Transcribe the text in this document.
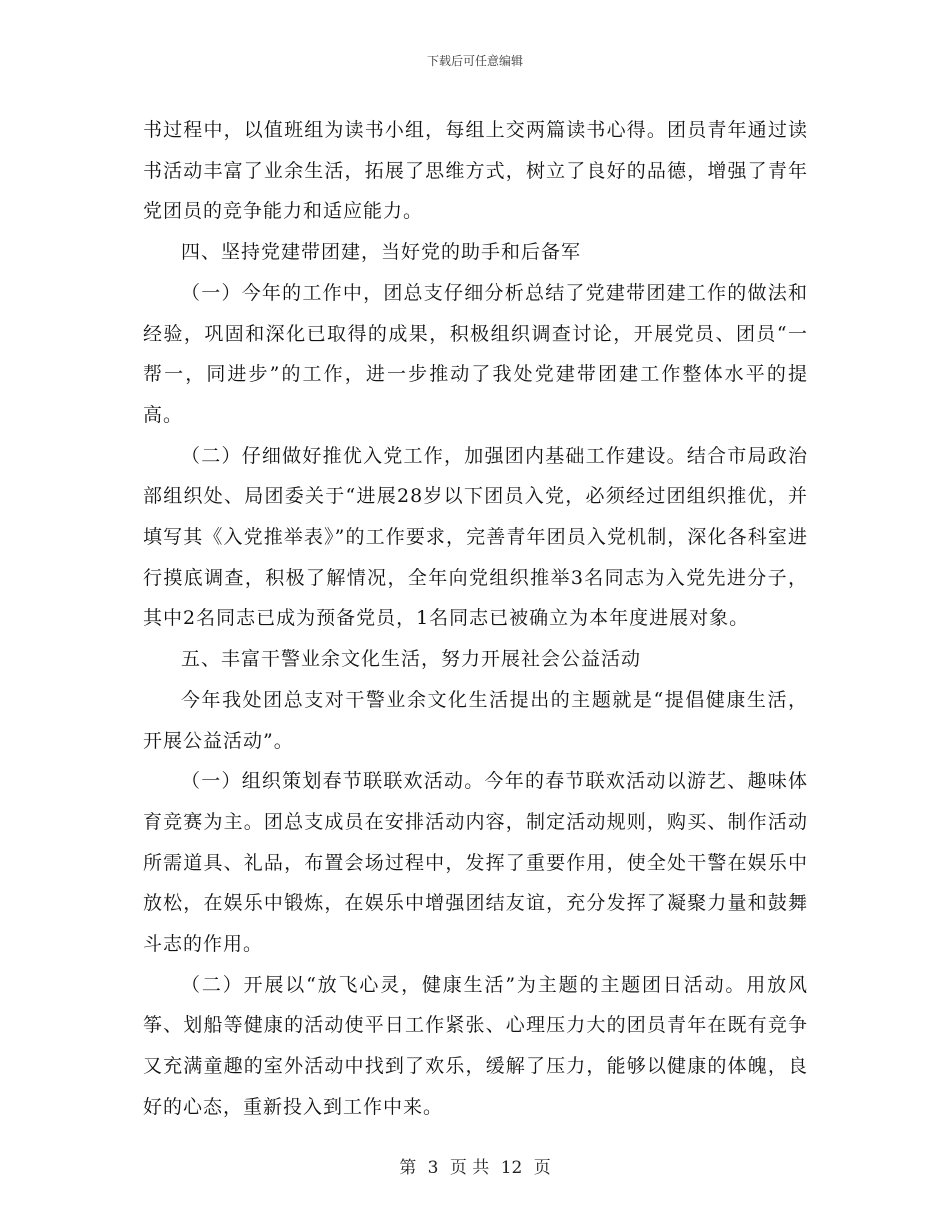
下载后可任意编辑

书过程中，以值班组为读书小组，每组上交两篇读书心得。团员青年通过读书活动丰富了业余生活，拓展了思维方式，树立了良好的品德，增强了青年党团员的竞争能力和适应能力。

四、坚持党建带团建，当好党的助手和后备军

（一）今年的工作中，团总支仔细分析总结了党建带团建工作的做法和经验，巩固和深化已取得的成果，积极组织调查讨论，开展党员、团员“一帮一，同进步”的工作，进一步推动了我处党建带团建工作整体水平的提高。

（二）仔细做好推优入党工作，加强团内基础工作建设。结合市局政治部组织处、局团委关于“进展28岁以下团员入党，必须经过团组织推优，并填写其《入党推举表》”的工作要求，完善青年团员入党机制，深化各科室进行摸底调查，积极了解情况，全年向党组织推举3名同志为入党先进分子，其中2名同志已成为预备党员，1名同志已被确立为本年度进展对象。

五、丰富干警业余文化生活，努力开展社会公益活动

今年我处团总支对干警业余文化生活提出的主题就是“提倡健康生活，开展公益活动”。

（一）组织策划春节联联欢活动。今年的春节联欢活动以游艺、趣味体育竞赛为主。团总支成员在安排活动内容，制定活动规则，购买、制作活动所需道具、礼品，布置会场过程中，发挥了重要作用，使全处干警在娱乐中放松，在娱乐中锻炼，在娱乐中增强团结友谊，充分发挥了凝聚力量和鼓舞斗志的作用。

（二）开展以“放飞心灵，健康生活”为主题的主题团日活动。用放风筝、划船等健康的活动使平日工作紧张、心理压力大的团员青年在既有竞争又充满童趣的室外活动中找到了欢乐，缓解了压力，能够以健康的体魄，良好的心态，重新投入到工作中来。

第 3 页 共 12 页
